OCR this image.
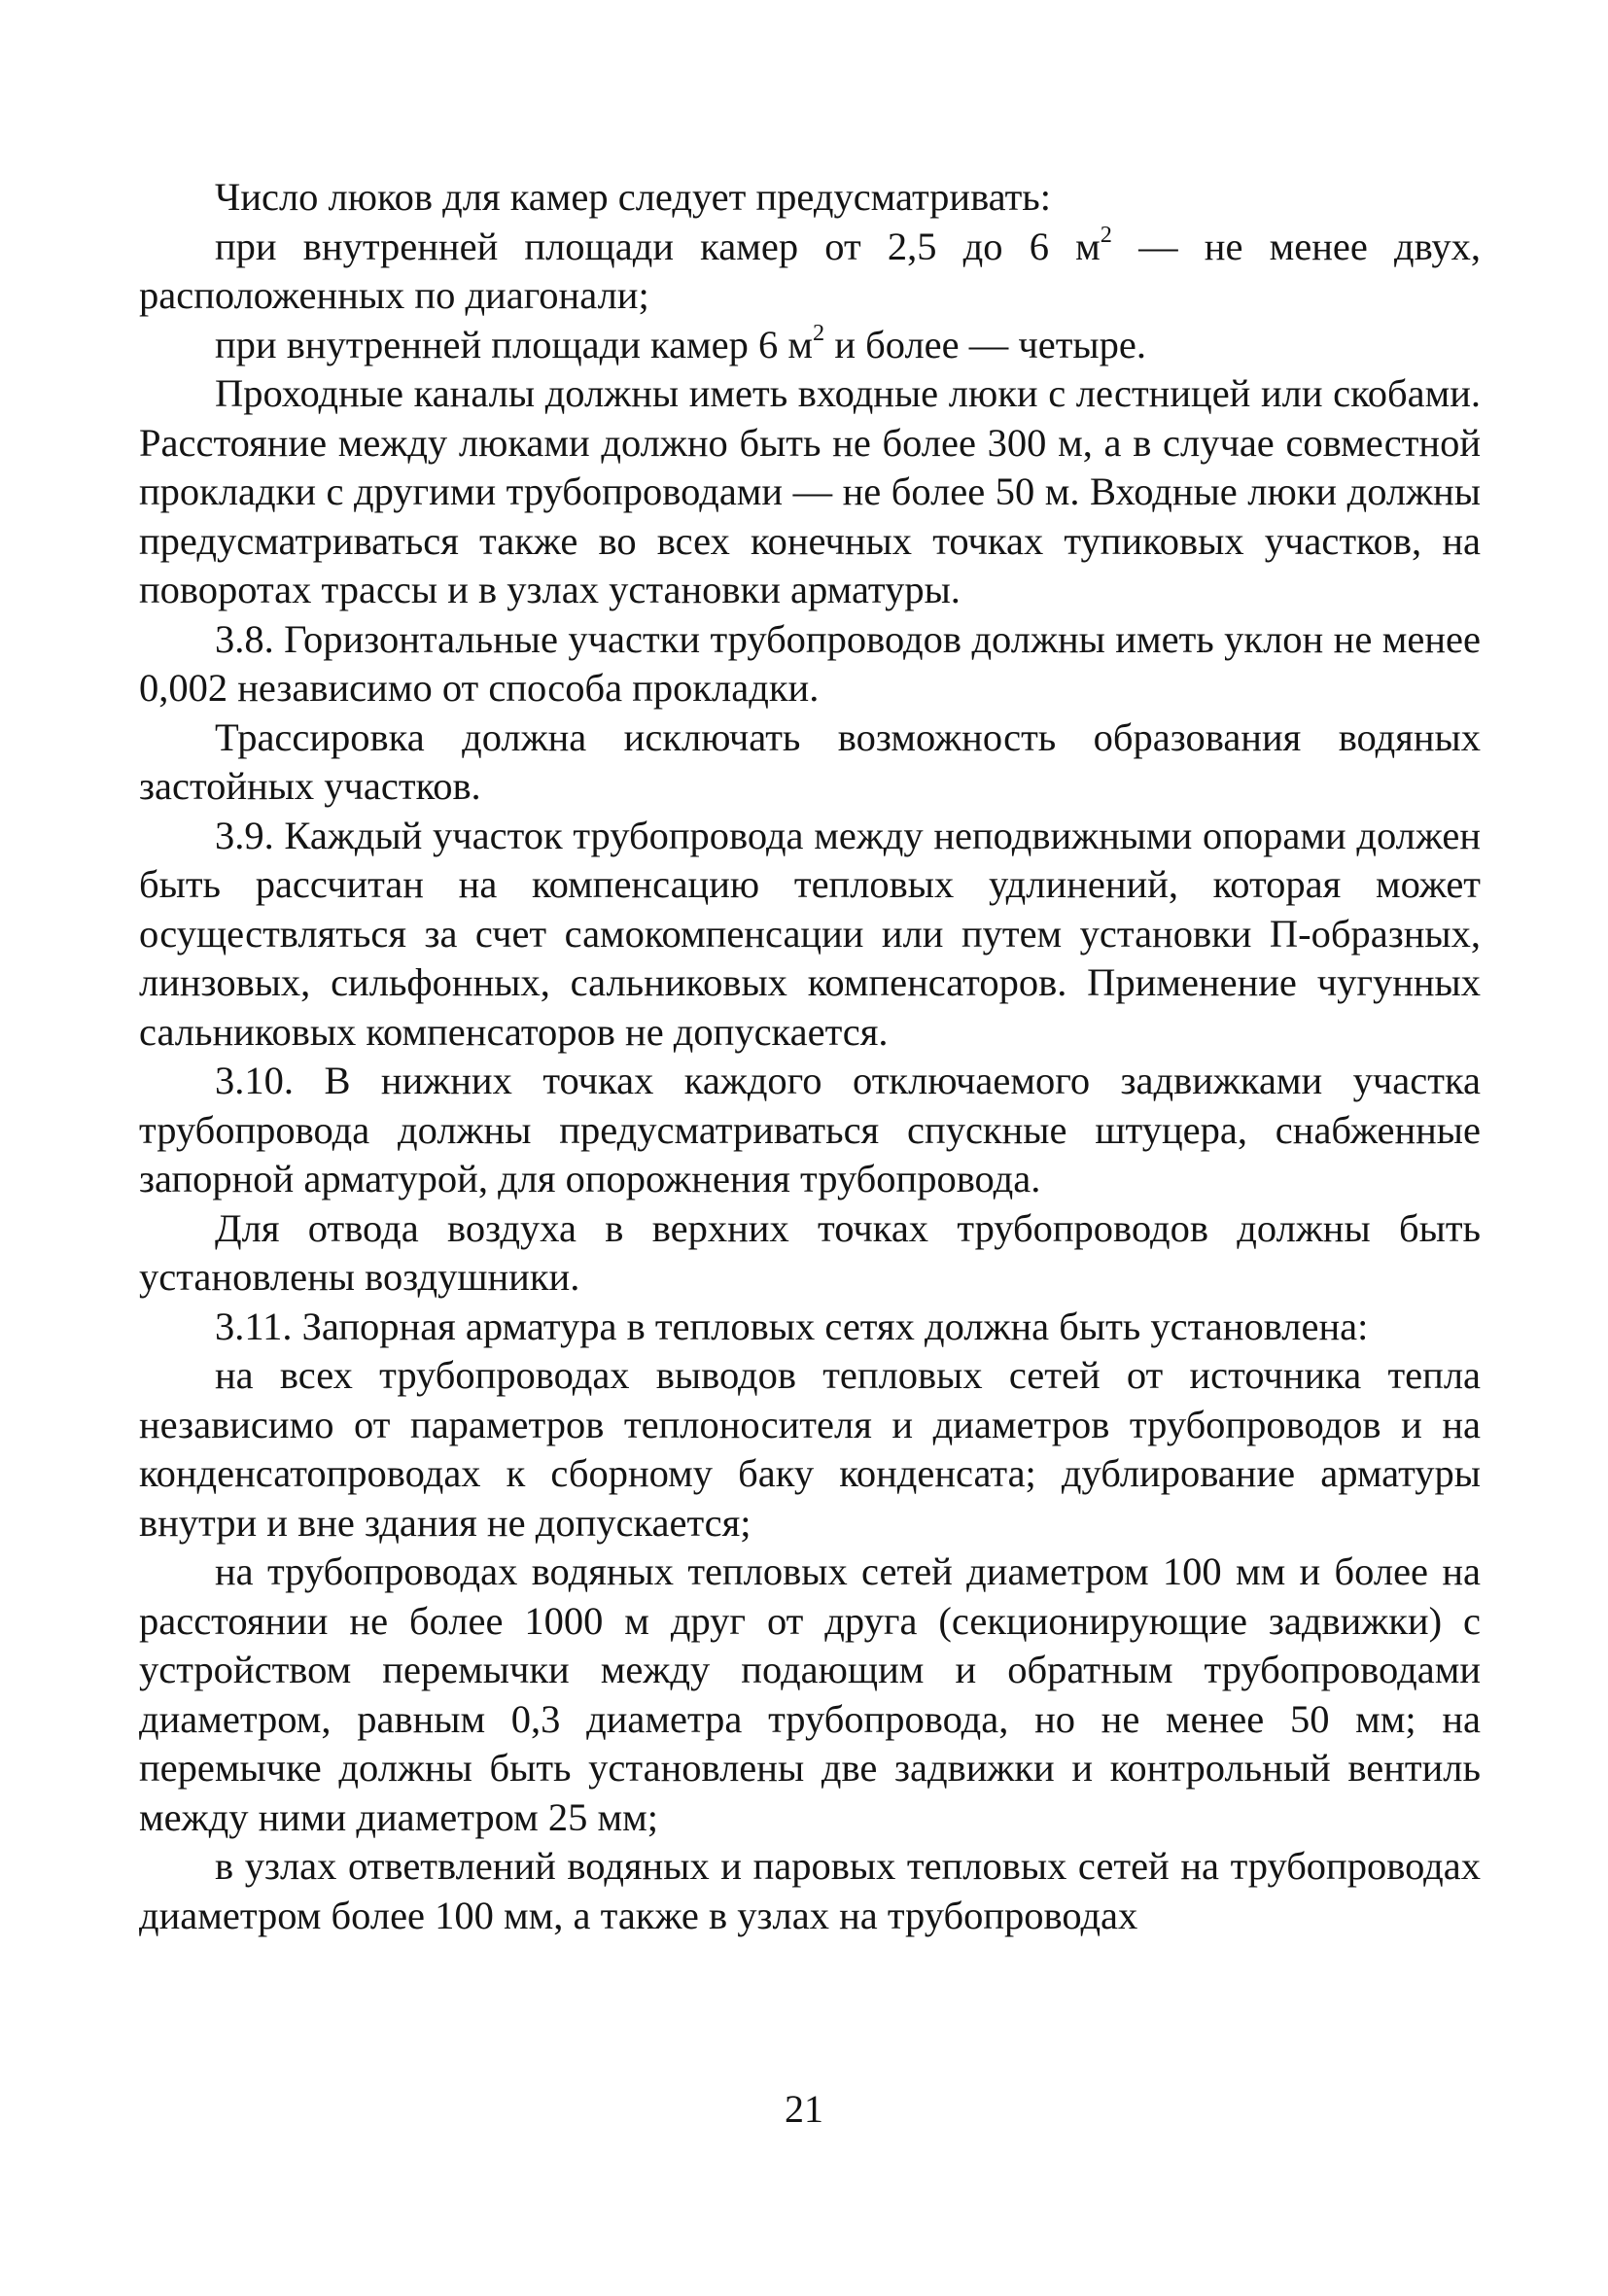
Число люков для камер следует предусматривать:

при внутренней площади камер от 2,5 до 6 $м^2$ — не менее двух, расположенных по диагонали;

при внутренней площади камер 6 $м^2$ и более — четыре.

Проходные каналы должны иметь входные люки с лестницей или скобами. Расстояние между люками должно быть не более 300 м, а в случае совместной прокладки с другими трубопроводами — не более 50 м. Входные люки должны предусматриваться также во всех конечных точках тупиковых участков, на поворотах трассы и в узлах установки арматуры.

3.8. Горизонтальные участки трубопроводов должны иметь уклон не менее 0,002 независимо от способа прокладки.

Трассировка должна исключать возможность образования водяных застойных участков.

3.9. Каждый участок трубопровода между неподвижными опорами должен быть рассчитан на компенсацию тепловых удлинений, которая может осуществляться за счет самокомпенсации или путем установки П-образных, линзовых, сильфонных, сальниковых компенсаторов. Применение чугунных сальниковых компенсаторов не допускается.

3.10. В нижних точках каждого отключаемого задвижками участка трубопровода должны предусматриваться спускные штуцера, снабженные запорной арматурой, для опорожнения трубопровода.

Для отвода воздуха в верхних точках трубопроводов должны быть установлены воздушники.

3.11. Запорная арматура в тепловых сетях должна быть установлена:

на всех трубопроводах выводов тепловых сетей от источника тепла независимо от параметров теплоносителя и диаметров трубопроводов и на конденсатопроводах к сборному баку конденсата; дублирование арматуры внутри и вне здания не допускается;

на трубопроводах водяных тепловых сетей диаметром 100 мм и более на расстоянии не более 1000 м друг от друга (секционирующие задвижки) с устройством перемычки между подающим и обратным трубопроводами диаметром, равным 0,3 диаметра трубопровода, но не менее 50 мм; на перемычке должны быть установлены две задвижки и контрольный вентиль между ними диаметром 25 мм;

в узлах ответвлений водяных и паровых тепловых сетей на трубопроводах диаметром более 100 мм, а также в узлах на трубопроводах

21
